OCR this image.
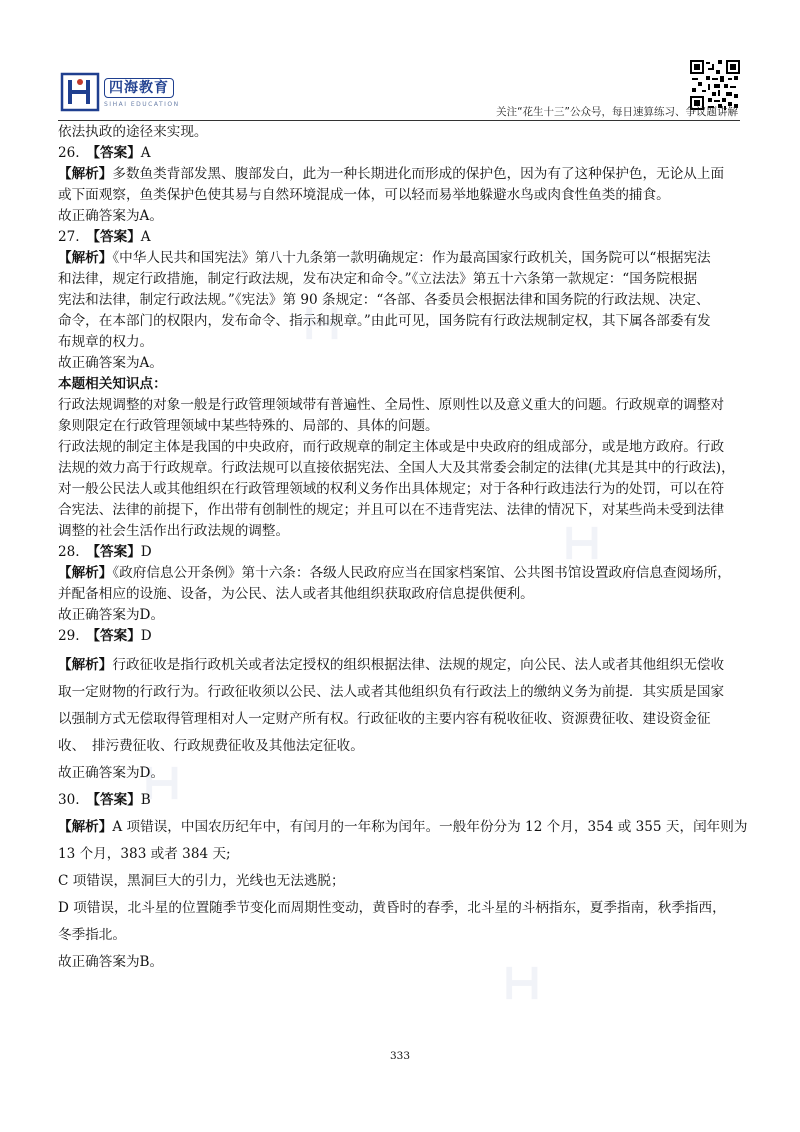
四海教育
SIHAI EDUCATION
关注“花生十三”公众号，每日速算练习、争议题讲解
依法执政的途径来实现。
26.　 【答案】A
【解析】多数鱼类背部发黑、腹部发白，此为一种长期进化而形成的保护色，因为有了这种保护色，无论从上面
或下面观察，鱼类保护色使其易与自然环境混成一体，可以轻而易举地躲避水鸟或肉食性鱼类的捕食。
故正确答案为A。
27.　 【答案】A
【解析】《中华人民共和国宪法》第八十九条第一款明确规定：作为最高国家行政机关，国务院可以“根据宪法
和法律，规定行政措施，制定行政法规，发布决定和命令。”《立法法》第五十六条第一款规定：“国务院根据
宪法和法律，制定行政法规。”《宪法》第 90 条规定：“各部、各委员会根据法律和国务院的行政法规、决定、
命令，在本部门的权限内，发布命令、指示和规章。”由此可见，国务院有行政法规制定权，其下属各部委有发
布规章的权力。
故正确答案为A。
本题相关知识点：
行政法规调整的对象一般是行政管理领域带有普遍性、全局性、原则性以及意义重大的问题。行政规章的调整对
象则限定在行政管理领域中某些特殊的、局部的、具体的问题。
行政法规的制定主体是我国的中央政府，而行政规章的制定主体或是中央政府的组成部分，或是地方政府。行政
法规的效力高于行政规章。行政法规可以直接依据宪法、全国人大及其常委会制定的法律(尤其是其中的行政法)，
对一般公民法人或其他组织在行政管理领域的权利义务作出具体规定；对于各种行政违法行为的处罚，可以在符
合宪法、法律的前提下，作出带有创制性的规定；并且可以在不违背宪法、法律的情况下，对某些尚未受到法律
调整的社会生活作出行政法规的调整。
28.　 【答案】D
【解析】《政府信息公开条例》第十六条：各级人民政府应当在国家档案馆、公共图书馆设置政府信息查阅场所，
并配备相应的设施、设备，为公民、法人或者其他组织获取政府信息提供便利。
故正确答案为D。
29.　 【答案】D
【解析】行政征收是指行政机关或者法定授权的组织根据法律、法规的规定，向公民、法人或者其他组织无偿收
取一定财物的行政行为。行政征收须以公民、法人或者其他组织负有行政法上的缴纳义务为前提．其实质是国家
以强制方式无偿取得管理相对人一定财产所有权。行政征收的主要内容有税收征收、资源费征收、建设资金征
收、　排污费征收、行政规费征收及其他法定征收。
故正确答案为D。
30.　 【答案】B
【解析】A 项错误，中国农历纪年中，有闰月的一年称为闰年。一般年份分为 12 个月，354 或 355 天，闰年则为
13 个月，383 或者 384 天;
C 项错误，黑洞巨大的引力，光线也无法逃脱；
D 项错误，北斗星的位置随季节变化而周期性变动，黄昏时的春季，北斗星的斗柄指东，夏季指南，秋季指西，
冬季指北。
故正确答案为B。
333
